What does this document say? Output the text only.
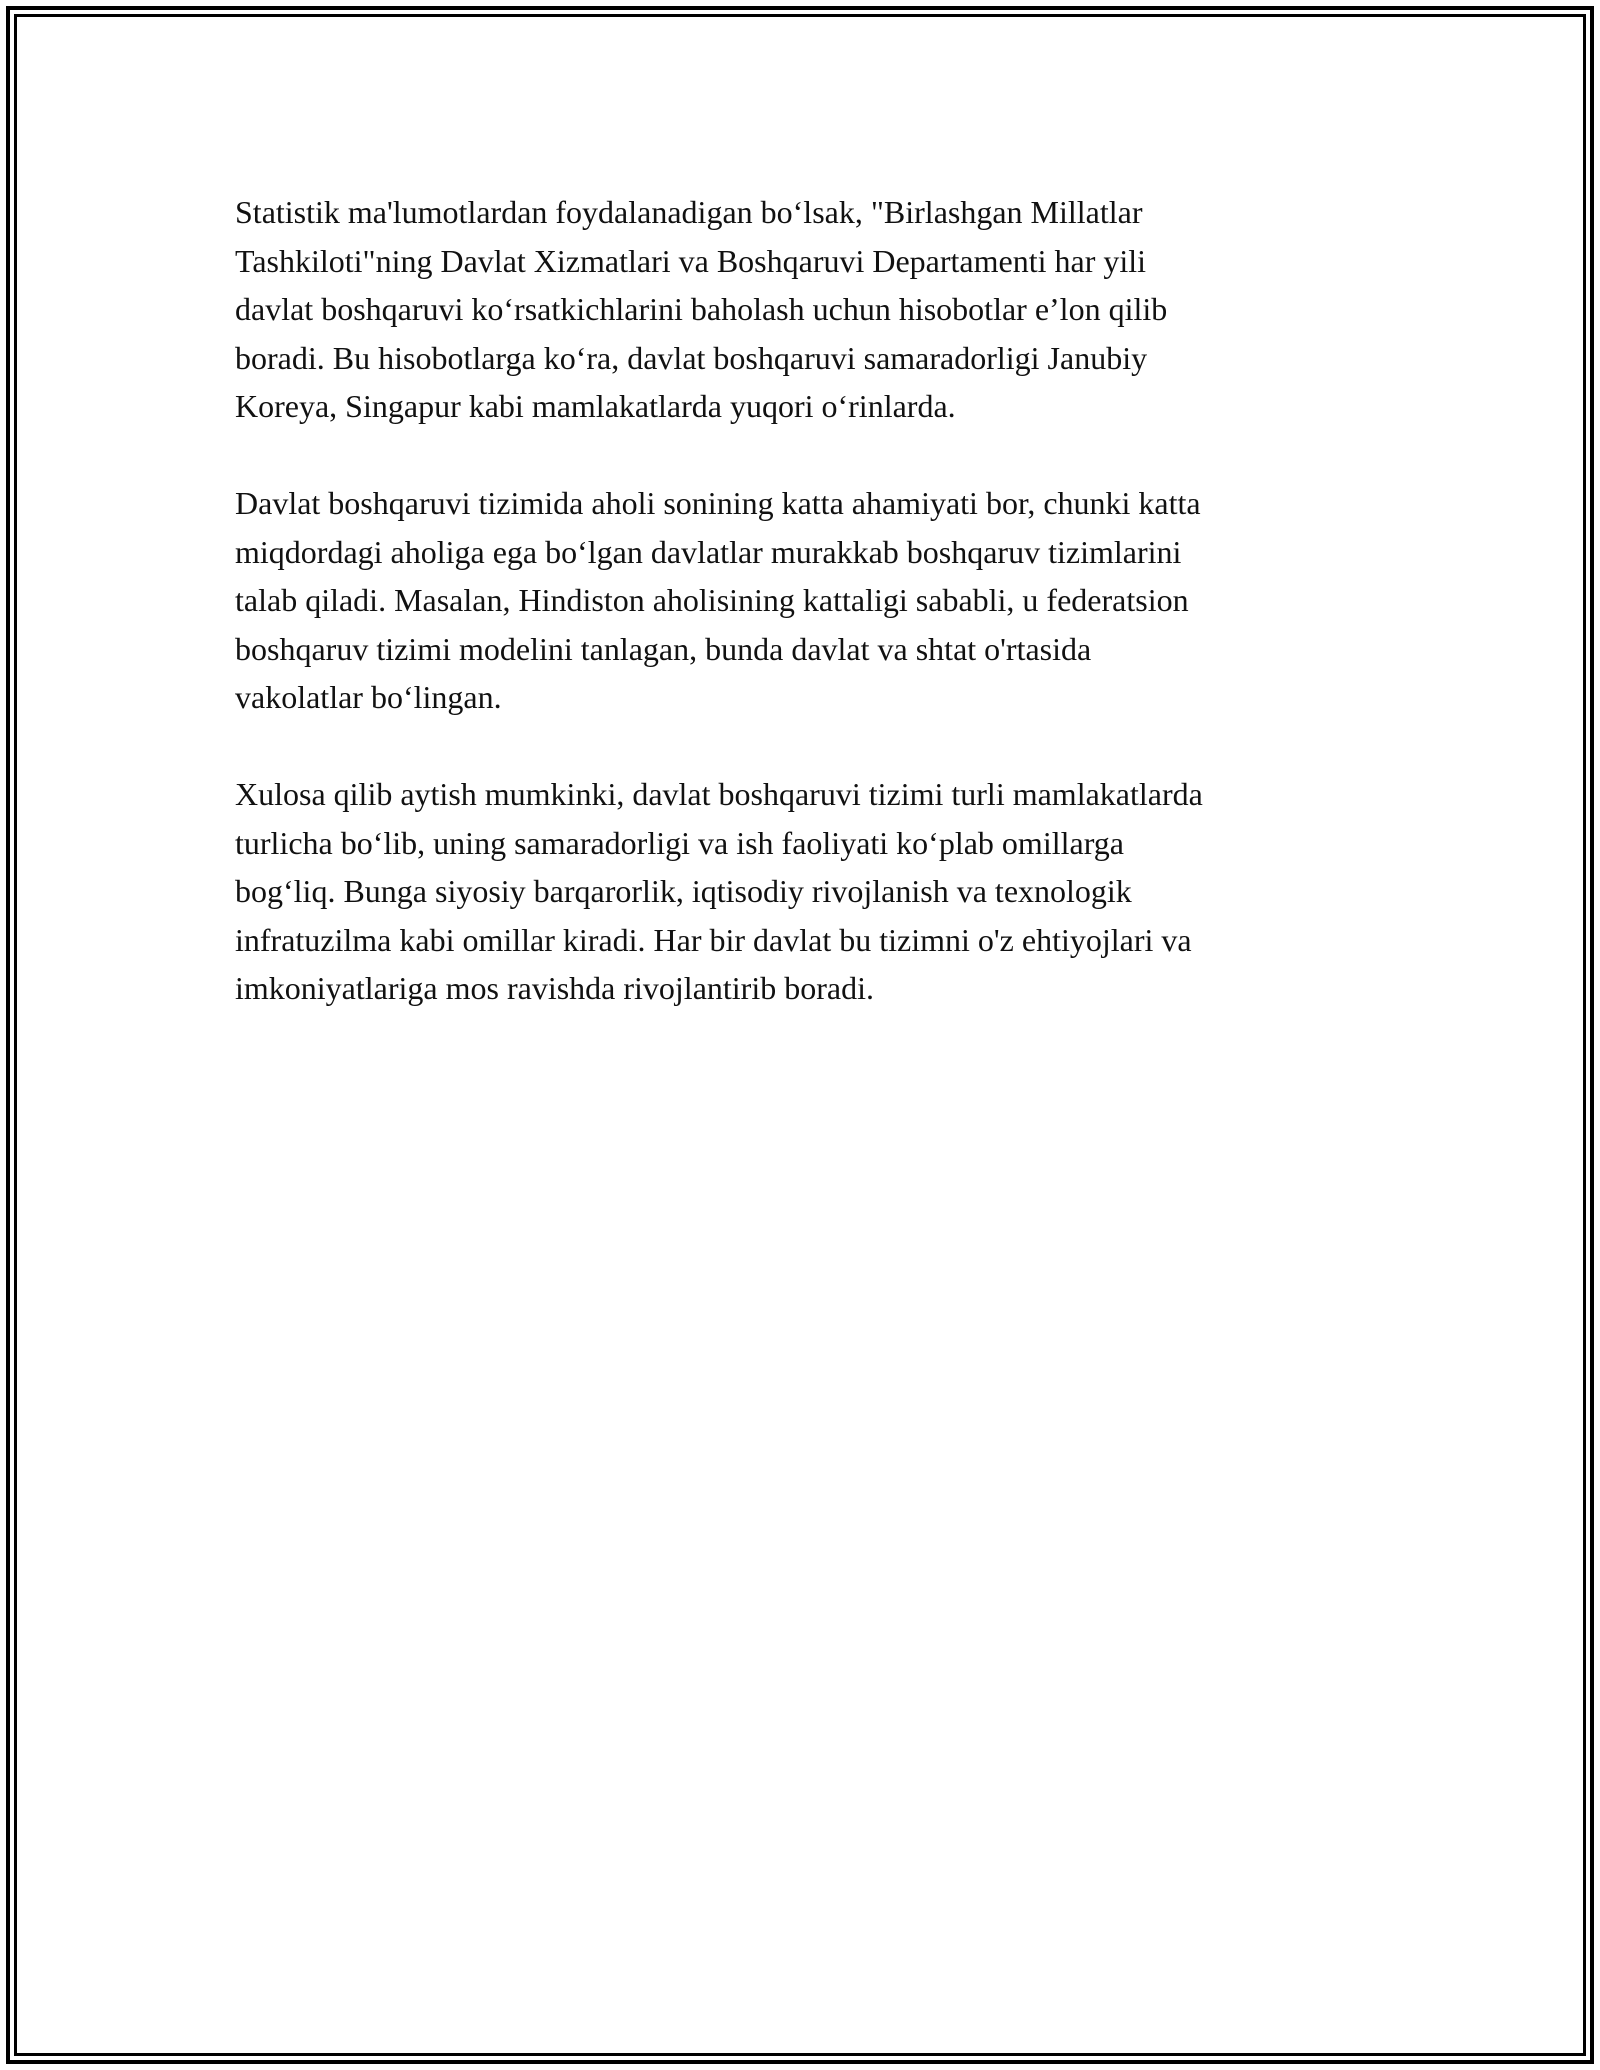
Statistik ma'lumotlardan foydalanadigan bo‘lsak, "Birlashgan Millatlar
Tashkiloti"ning Davlat Xizmatlari va Boshqaruvi Departamenti har yili
davlat boshqaruvi ko‘rsatkichlarini baholash uchun hisobotlar e’lon qilib
boradi. Bu hisobotlarga ko‘ra, davlat boshqaruvi samaradorligi Janubiy
Koreya, Singapur kabi mamlakatlarda yuqori o‘rinlarda.

Davlat boshqaruvi tizimida aholi sonining katta ahamiyati bor, chunki katta
miqdordagi aholiga ega bo‘lgan davlatlar murakkab boshqaruv tizimlarini
talab qiladi. Masalan, Hindiston aholisining kattaligi sababli, u federatsion
boshqaruv tizimi modelini tanlagan, bunda davlat va shtat o'rtasida
vakolatlar bo‘lingan.

Xulosa qilib aytish mumkinki, davlat boshqaruvi tizimi turli mamlakatlarda
turlicha bo‘lib, uning samaradorligi va ish faoliyati ko‘plab omillarga
bog‘liq. Bunga siyosiy barqarorlik, iqtisodiy rivojlanish va texnologik
infratuzilma kabi omillar kiradi. Har bir davlat bu tizimni o'z ehtiyojlari va
imkoniyatlariga mos ravishda rivojlantirib boradi.
